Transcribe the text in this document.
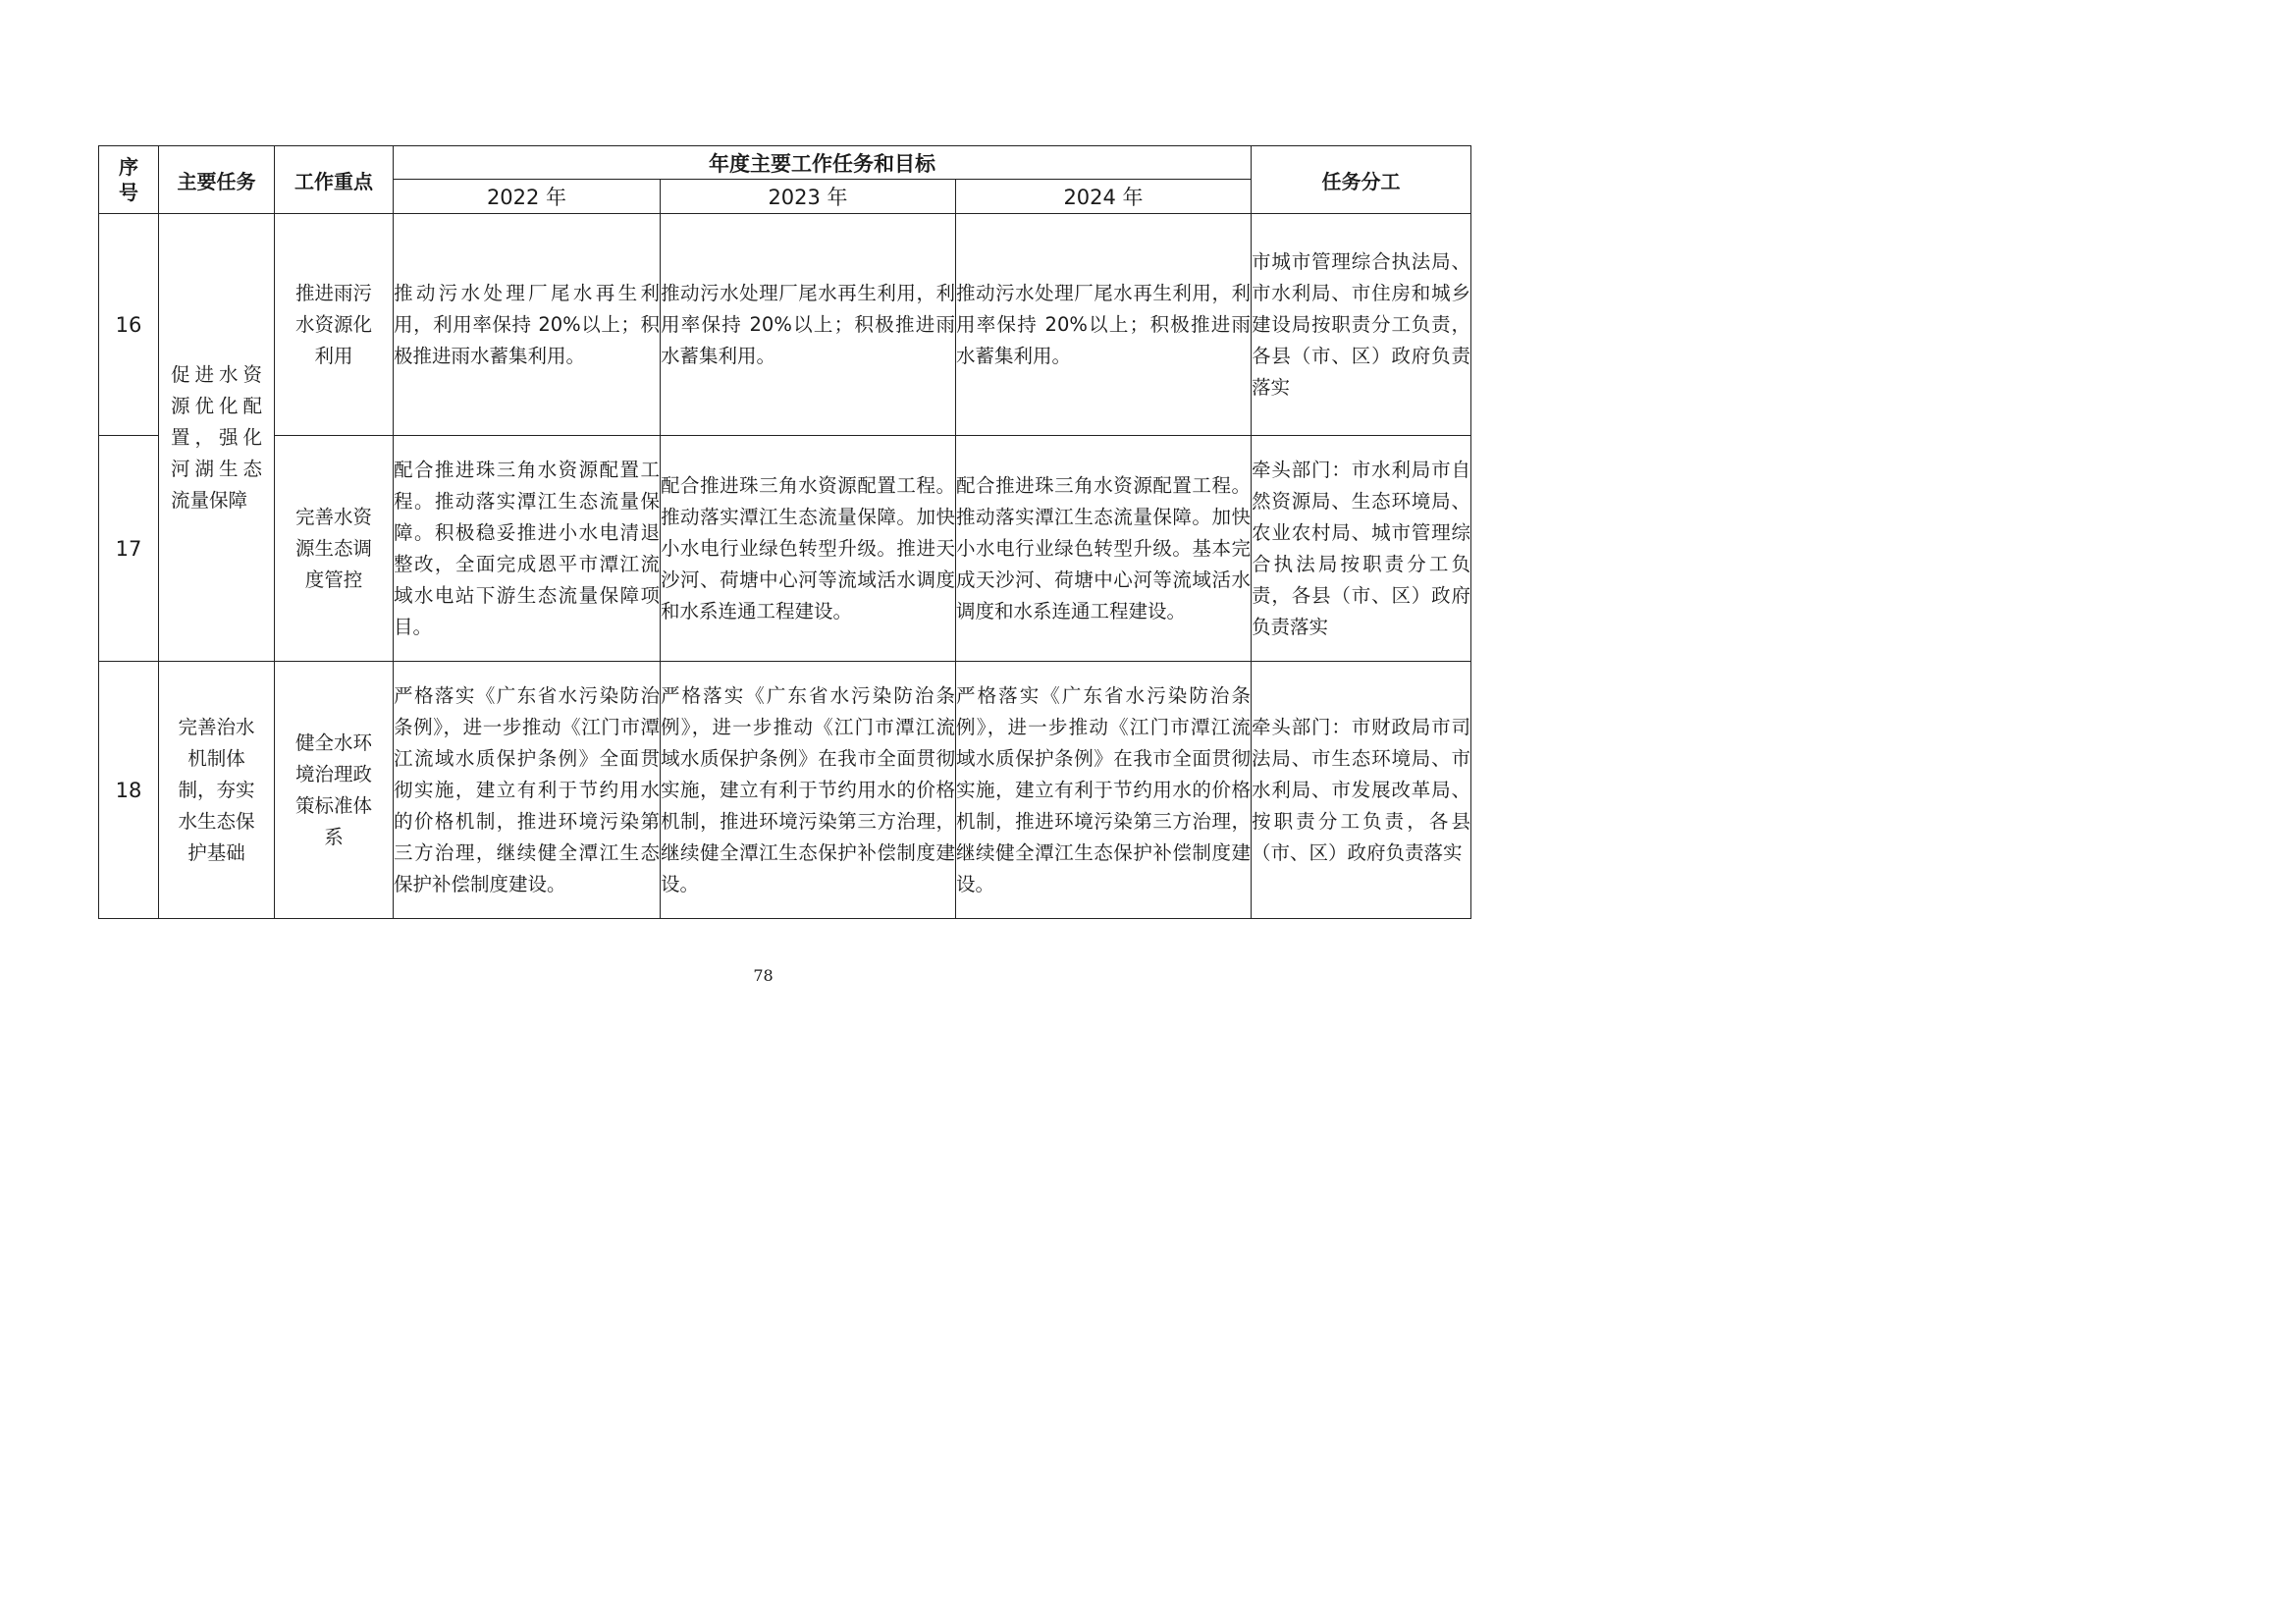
序号	主要任务	工作重点	年度主要工作任务和目标			任务分工
			2022 年	2023 年	2024 年	
16	促进水资源优化配置，强化河湖生态流量保障	推进雨污水资源化利用	推动污水处理厂尾水再生利用，利用率保持 20%以上；积极推进雨水蓄集利用。	推动污水处理厂尾水再生利用，利用率保持 20%以上；积极推进雨水蓄集利用。	推动污水处理厂尾水再生利用，利用率保持 20%以上；积极推进雨水蓄集利用。	市城市管理综合执法局、市水利局、市住房和城乡建设局按职责分工负责，各县（市、区）政府负责落实
17		完善水资源生态调度管控	配合推进珠三角水资源配置工程。推动落实潭江生态流量保障。积极稳妥推进小水电清退整改，全面完成恩平市潭江流域水电站下游生态流量保障项目。	配合推进珠三角水资源配置工程。推动落实潭江生态流量保障。加快小水电行业绿色转型升级。推进天沙河、荷塘中心河等流域活水调度和水系连通工程建设。	配合推进珠三角水资源配置工程。推动落实潭江生态流量保障。加快小水电行业绿色转型升级。基本完成天沙河、荷塘中心河等流域活水调度和水系连通工程建设。	牵头部门：市水利局市自然资源局、生态环境局、农业农村局、城市管理综合执法局按职责分工负责，各县（市、区）政府负责落实
18	完善治水机制体制，夯实水生态保护基础	健全水环境治理政策标准体系	严格落实《广东省水污染防治条例》，进一步推动《江门市潭江流域水质保护条例》全面贯彻实施，建立有利于节约用水的价格机制，推进环境污染第三方治理，继续健全潭江生态保护补偿制度建设。	严格落实《广东省水污染防治条例》，进一步推动《江门市潭江流域水质保护条例》在我市全面贯彻实施，建立有利于节约用水的价格机制，推进环境污染第三方治理，继续健全潭江生态保护补偿制度建设。	严格落实《广东省水污染防治条例》，进一步推动《江门市潭江流域水质保护条例》在我市全面贯彻实施，建立有利于节约用水的价格机制，推进环境污染第三方治理，继续健全潭江生态保护补偿制度建设。	牵头部门：市财政局市司法局、市生态环境局、市水利局、市发展改革局、按职责分工负责，各县（市、区）政府负责落实
78
